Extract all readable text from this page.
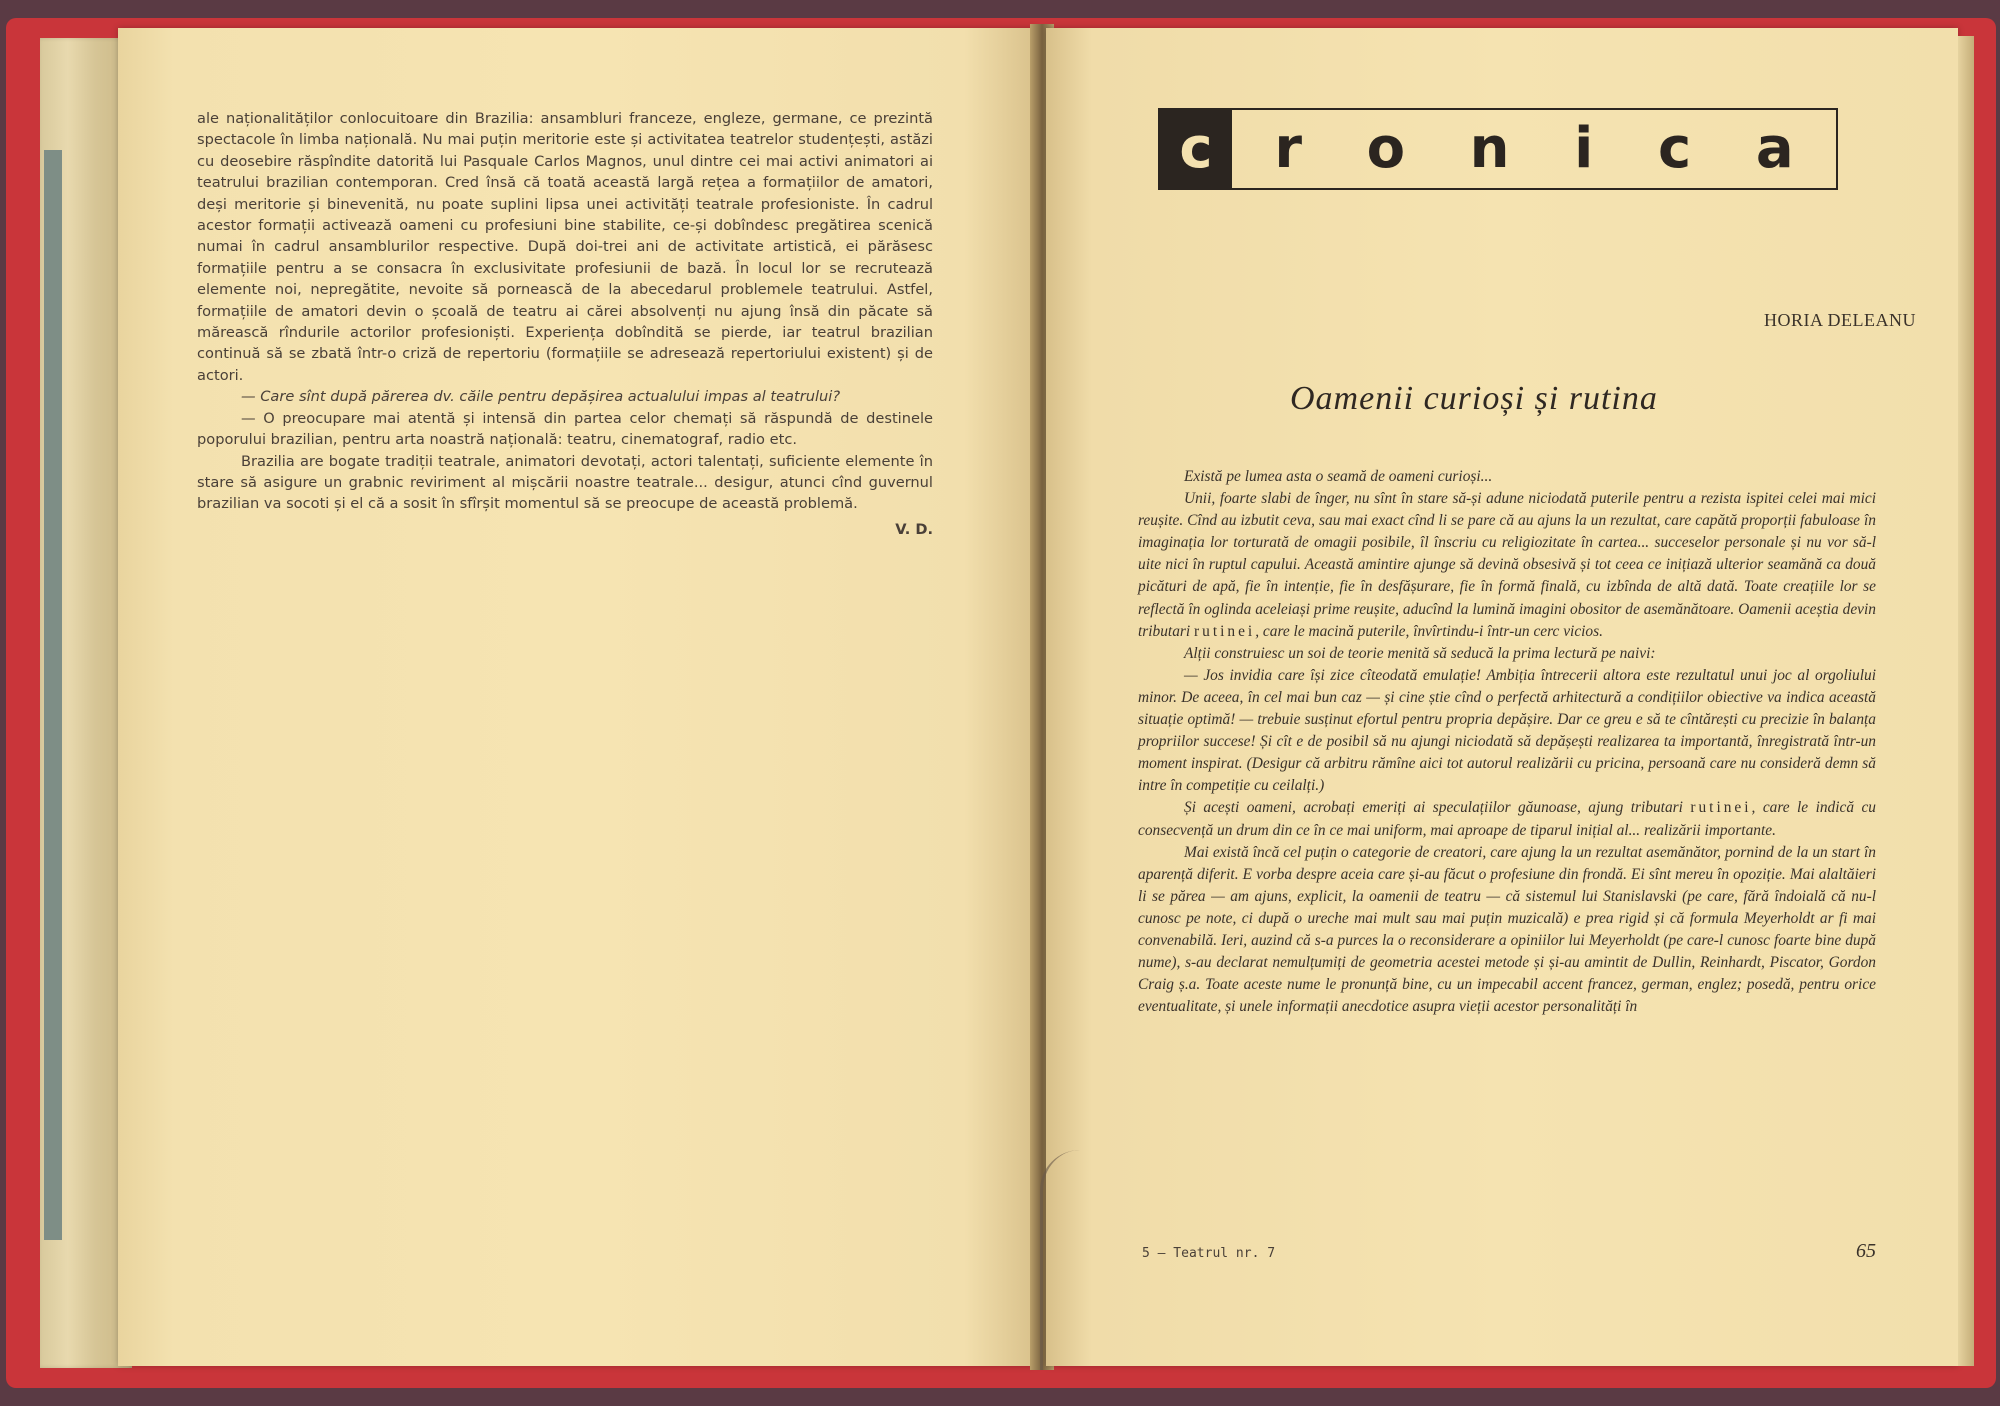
ale naționalităților conlocuitoare din Brazilia: ansambluri franceze, engleze, germane, ce prezintă spectacole în limba națională. Nu mai puțin meritorie este și activitatea teatrelor studențești, astăzi cu deosebire răspîndite datorită lui Pasquale Carlos Magnos, unul dintre cei mai activi animatori ai teatrului brazilian contemporan. Cred însă că toată această largă rețea a formațiilor de amatori, deși meritorie și binevenită, nu poate suplini lipsa unei activități teatrale profesioniste. În cadrul acestor formații activează oameni cu profesiuni bine stabilite, ce-și dobîndesc pregătirea scenică numai în cadrul ansamblurilor respective. După doi-trei ani de activitate artistică, ei părăsesc formațiile pentru a se consacra în exclusivitate profesiunii de bază. În locul lor se recrutează elemente noi, nepregătite, nevoite să pornească de la abecedarul problemele teatrului. Astfel, formațiile de amatori devin o școală de teatru ai cărei absolvenți nu ajung însă din păcate să mărească rîndurile actorilor profesioniști. Experiența dobîndită se pierde, iar teatrul brazilian continuă să se zbată într-o criză de repertoriu (formațiile se adresează repertoriului existent) și de actori.

— Care sînt după părerea dv. căile pentru depășirea actualului impas al teatrului?

— O preocupare mai atentă și intensă din partea celor chemați să răspundă de destinele poporului brazilian, pentru arta noastră națională: teatru, cinematograf, radio etc.

Brazilia are bogate tradiții teatrale, animatori devotați, actori talentați, suficiente elemente în stare să asigure un grabnic reviriment al mișcării noastre teatrale... desigur, atunci cînd guvernul brazilian va socoti și el că a sosit în sfîrșit momentul să se preocupe de această problemă.

V. D.
c	r o n i c a
HORIA DELEANU
Oamenii curioși și rutina

Există pe lumea asta o seamă de oameni curioși...

Unii, foarte slabi de înger, nu sînt în stare să-și adune niciodată puterile pentru a rezista ispitei celei mai mici reușite. Cînd au izbutit ceva, sau mai exact cînd li se pare că au ajuns la un rezultat, care capătă proporții fabuloase în imaginația lor torturată de omagii posibile, îl înscriu cu religiozitate în cartea... succeselor personale și nu vor să-l uite nici în ruptul capului. Această amintire ajunge să devină obsesivă și tot ceea ce inițiază ulterior seamănă ca două picături de apă, fie în intenție, fie în desfășurare, fie în formă finală, cu izbînda de altă dată. Toate creațiile lor se reflectă în oglinda aceleiași prime reușite, aducînd la lumină imagini obositor de asemănătoare. Oamenii aceștia devin tributari rutinei, care le macină puterile, învîrtindu-i într-un cerc vicios.

Alții construiesc un soi de teorie menită să seducă la prima lectură pe naivi:

— Jos invidia care își zice cîteodată emulație! Ambiția întrecerii altora este rezultatul unui joc al orgoliului minor. De aceea, în cel mai bun caz — și cine știe cînd o perfectă arhitectură a condițiilor obiective va indica această situație optimă! — trebuie susținut efortul pentru propria depășire. Dar ce greu e să te cîntărești cu precizie în balanța propriilor succese! Și cît e de posibil să nu ajungi niciodată să depășești realizarea ta importantă, înregistrată într-un moment inspirat. (Desigur că arbitru rămîne aici tot autorul realizării cu pricina, persoană care nu consideră demn să intre în competiție cu ceilalți.)

Și acești oameni, acrobați emeriți ai speculațiilor găunoase, ajung tributari rutinei, care le indică cu consecvență un drum din ce în ce mai uniform, mai aproape de tiparul inițial al... realizării importante.

Mai există încă cel puțin o categorie de creatori, care ajung la un rezultat asemănător, pornind de la un start în aparență diferit. E vorba despre aceia care și-au făcut o profesiune din frondă. Ei sînt mereu în opoziție. Mai alaltăieri li se părea — am ajuns, explicit, la oamenii de teatru — că sistemul lui Stanislavski (pe care, fără îndoială că nu-l cunosc pe note, ci după o ureche mai mult sau mai puțin muzicală) e prea rigid și că formula Meyerholdt ar fi mai convenabilă. Ieri, auzind că s-a purces la o reconsiderare a opiniilor lui Meyerholdt (pe care-l cunosc foarte bine după nume), s-au declarat nemulțumiți de geometria acestei metode și și-au amintit de Dullin, Reinhardt, Piscator, Gordon Craig ș.a. Toate aceste nume le pronunță bine, cu un impecabil accent francez, german, englez; posedă, pentru orice eventualitate, și unele informații anecdotice asupra vieții acestor personalități în

5 — Teatrul nr. 7	65
